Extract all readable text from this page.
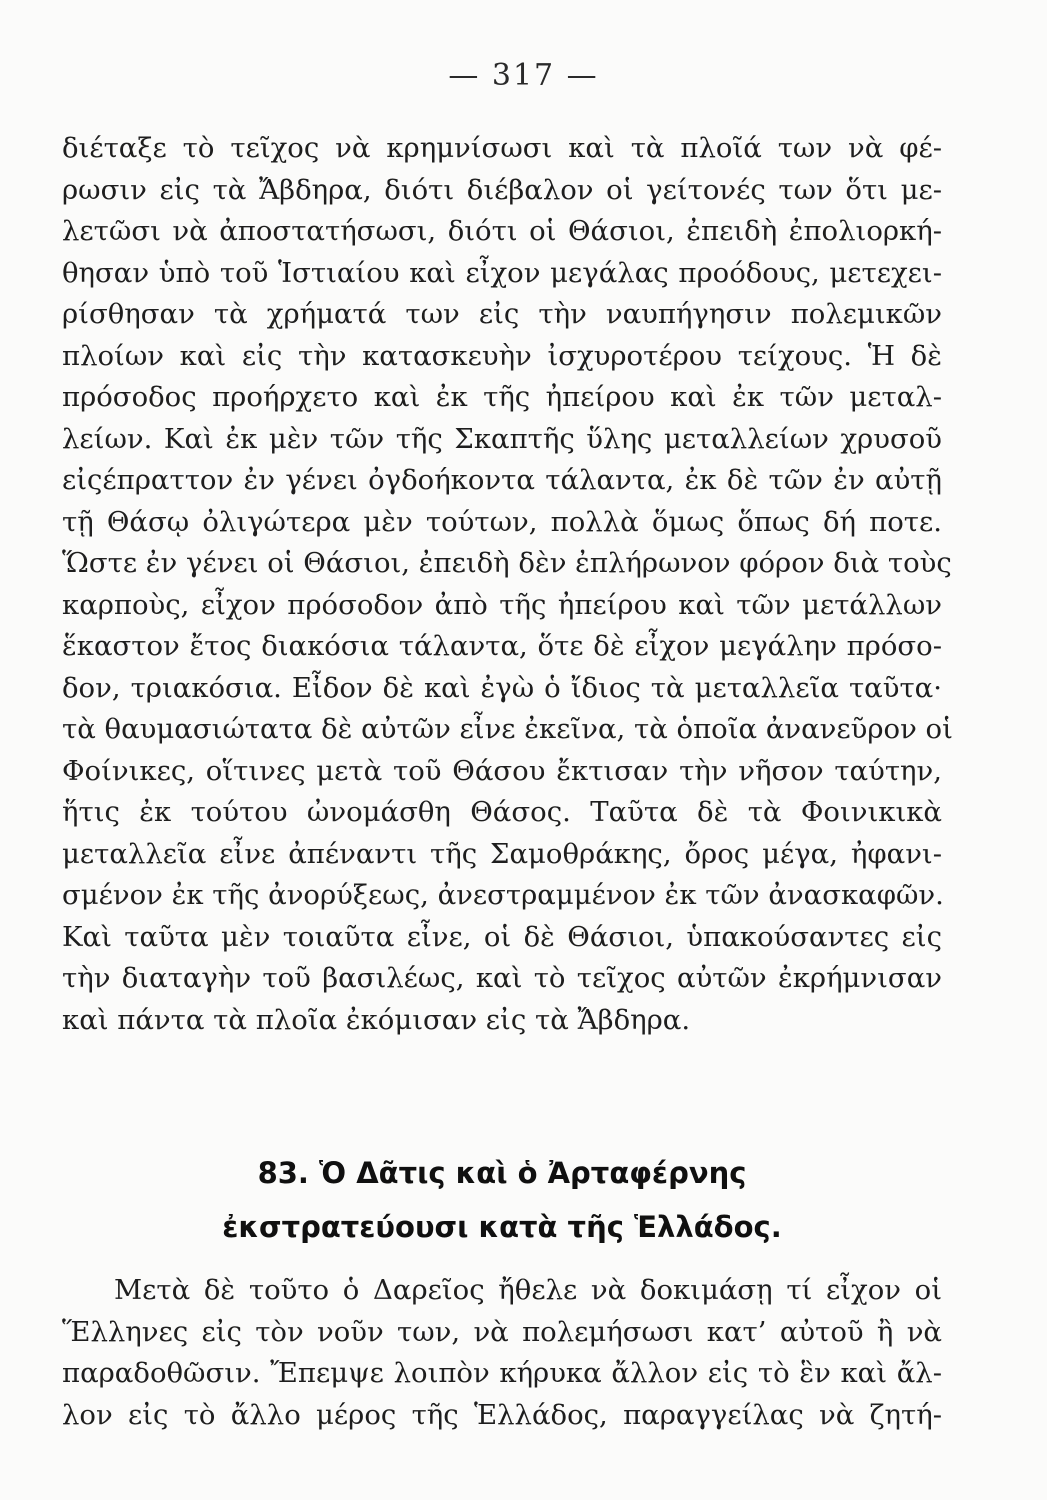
— 317 —
διέταξε τὸ τεῖχος νὰ κρημνίσωσι καὶ τὰ πλοῖά των νὰ φέ-
ρωσιν εἰς τὰ Ἄβδηρα, διότι διέβαλον οἱ γείτονές των ὅτι με-
λετῶσι νὰ ἀποστατήσωσι, διότι οἱ Θάσιοι, ἐπειδὴ ἐπολιορκή-
θησαν ὑπὸ τοῦ Ἱστιαίου καὶ εἶχον μεγάλας προόδους, μετεχει-
ρίσθησαν τὰ χρήματά των εἰς τὴν ναυπήγησιν πολεμικῶν
πλοίων καὶ εἰς τὴν κατασκευὴν ἰσχυροτέρου τείχους. Ἡ δὲ
πρόσοδος προήρχετο καὶ ἐκ τῆς ἠπείρου καὶ ἐκ τῶν μεταλ-
λείων. Καὶ ἐκ μὲν τῶν τῆς Σκαπτῆς ὕλης μεταλλείων χρυσοῦ
εἰςέπραττον ἐν γένει ὀγδοήκοντα τάλαντα, ἐκ δὲ τῶν ἐν αὐτῇ
τῇ Θάσῳ ὀλιγώτερα μὲν τούτων, πολλὰ ὅμως ὅπως δή ποτε.
Ὥστε ἐν γένει οἱ Θάσιοι, ἐπειδὴ δὲν ἐπλήρωνον φόρον διὰ τοὺς
καρποὺς, εἶχον πρόσοδον ἀπὸ τῆς ἠπείρου καὶ τῶν μετάλλων
ἕκαστον ἔτος διακόσια τάλαντα, ὅτε δὲ εἶχον μεγάλην πρόσο-
δον, τριακόσια. Εἶδον δὲ καὶ ἐγὼ ὁ ἴδιος τὰ μεταλλεῖα ταῦτα·
τὰ θαυμασιώτατα δὲ αὐτῶν εἶνε ἐκεῖνα, τὰ ὁποῖα ἀνανεῦρον οἱ
Φοίνικες, οἵτινες μετὰ τοῦ Θάσου ἔκτισαν τὴν νῆσον ταύτην,
ἥτις ἐκ τούτου ὠνομάσθη Θάσος. Ταῦτα δὲ τὰ Φοινικικὰ
μεταλλεῖα εἶνε ἀπέναντι τῆς Σαμοθράκης, ὄρος μέγα, ἠφανι-
σμένον ἐκ τῆς ἀνορύξεως, ἀνεστραμμένον ἐκ τῶν ἀνασκαφῶν.
Καὶ ταῦτα μὲν τοιαῦτα εἶνε, οἱ δὲ Θάσιοι, ὑπακούσαντες εἰς
τὴν διαταγὴν τοῦ βασιλέως, καὶ τὸ τεῖχος αὐτῶν ἐκρήμνισαν
καὶ πάντα τὰ πλοῖα ἐκόμισαν εἰς τὰ Ἄβδηρα.
83. Ὁ Δᾶτις καὶ ὁ Ἀρταφέρνης
ἐκστρατεύουσι κατὰ τῆς Ἑλλάδος.
Μετὰ δὲ τοῦτο ὁ Δαρεῖος ἤθελε νὰ δοκιμάσῃ τί εἶχον οἱ
Ἕλληνες εἰς τὸν νοῦν των, νὰ πολεμήσωσι κατ’ αὐτοῦ ἢ νὰ
παραδοθῶσιν. Ἔπεμψε λοιπὸν κήρυκα ἄλλον εἰς τὸ ἓν καὶ ἄλ-
λον εἰς τὸ ἄλλο μέρος τῆς Ἑλλάδος, παραγγείλας νὰ ζητή-
